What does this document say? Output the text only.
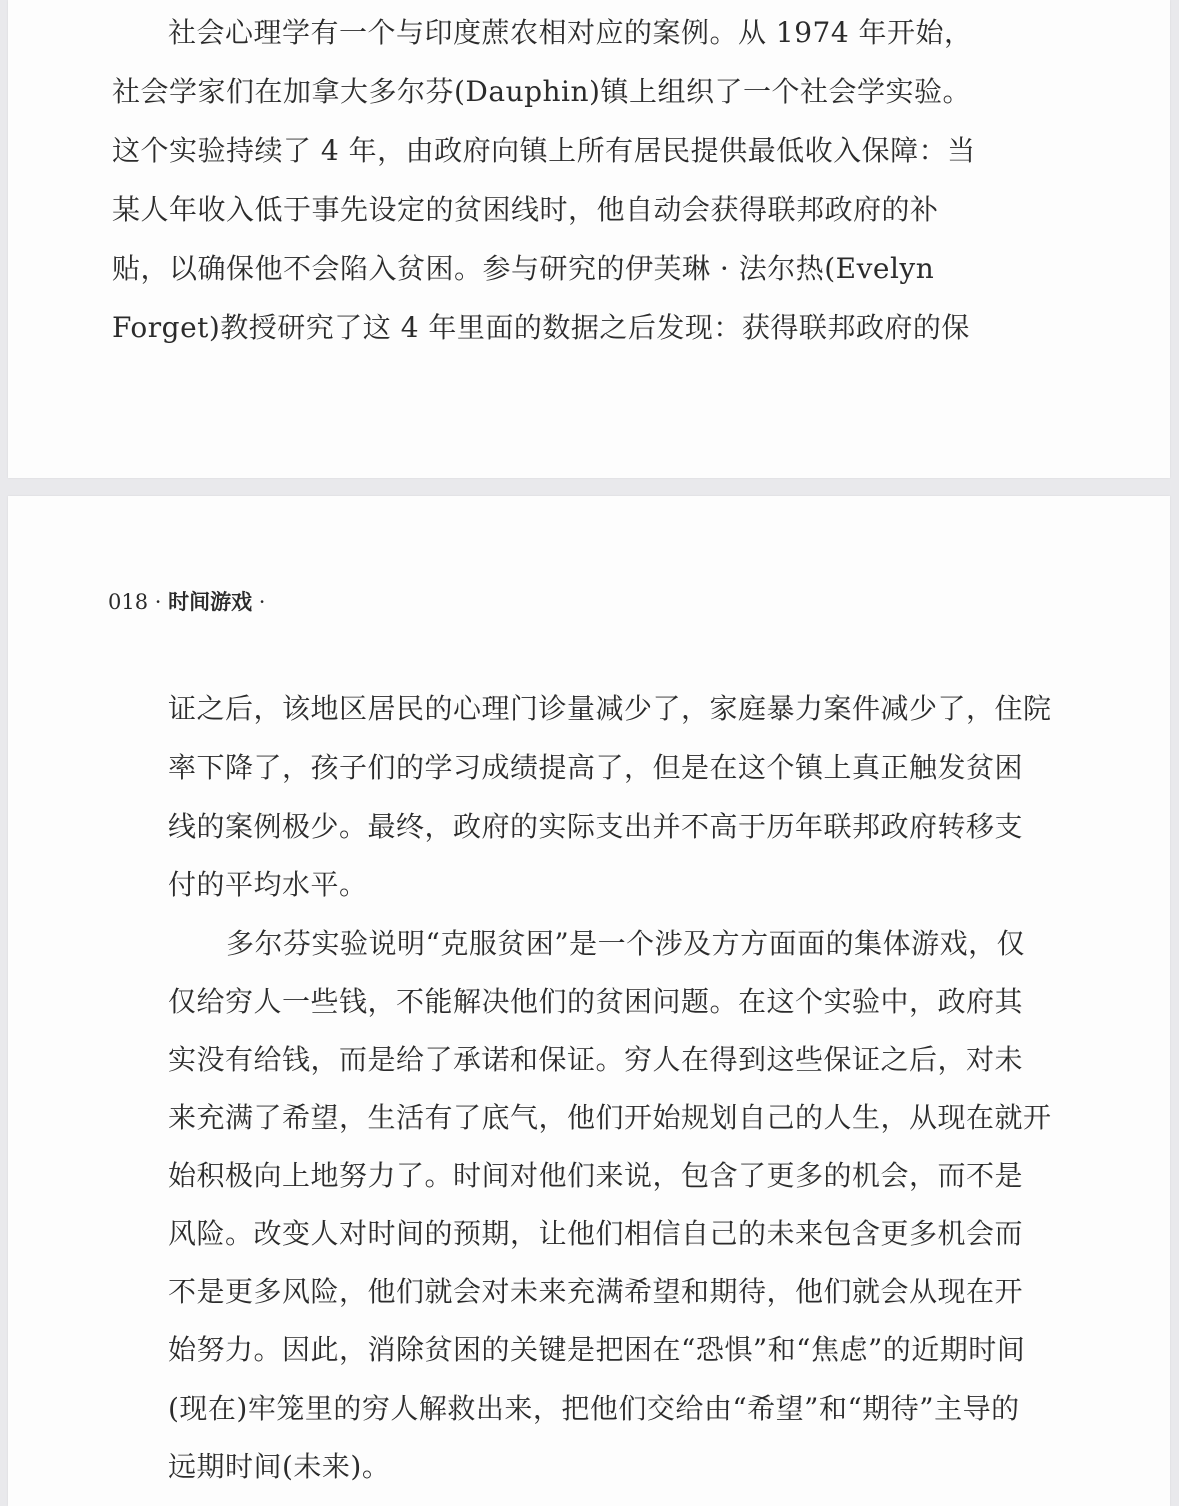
社会心理学有一个与印度蔗农相对应的案例。从 1974 年开始，
社会学家们在加拿大多尔芬(Dauphin)镇上组织了一个社会学实验。
这个实验持续了 4 年，由政府向镇上所有居民提供最低收入保障：当
某人年收入低于事先设定的贫困线时，他自动会获得联邦政府的补
贴，以确保他不会陷入贫困。参与研究的伊芙琳 · 法尔热(Evelyn
Forget)教授研究了这 4 年里面的数据之后发现：获得联邦政府的保
018 · 时间游戏 ·
证之后，该地区居民的心理门诊量减少了，家庭暴力案件减少了，住院
率下降了，孩子们的学习成绩提高了，但是在这个镇上真正触发贫困
线的案例极少。最终，政府的实际支出并不高于历年联邦政府转移支
付的平均水平。
多尔芬实验说明“克服贫困”是一个涉及方方面面的集体游戏，仅
仅给穷人一些钱，不能解决他们的贫困问题。在这个实验中，政府其
实没有给钱，而是给了承诺和保证。穷人在得到这些保证之后，对未
来充满了希望，生活有了底气，他们开始规划自己的人生，从现在就开
始积极向上地努力了。时间对他们来说，包含了更多的机会，而不是
风险。改变人对时间的预期，让他们相信自己的未来包含更多机会而
不是更多风险，他们就会对未来充满希望和期待，他们就会从现在开
始努力。因此，消除贫困的关键是把困在“恐惧”和“焦虑”的近期时间
(现在)牢笼里的穷人解救出来，把他们交给由“希望”和“期待”主导的
远期时间(未来)。
